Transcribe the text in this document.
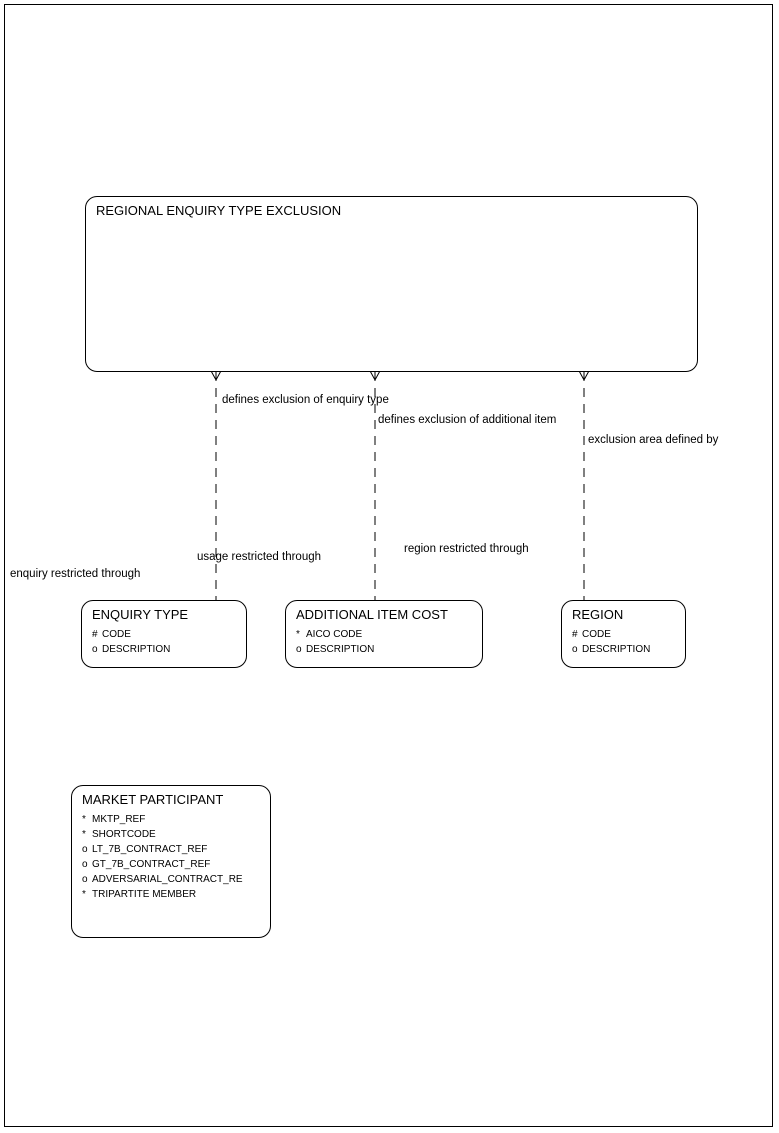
REGIONAL ENQUIRY TYPE EXCLUSION
defines exclusion of enquiry type
defines exclusion of additional item
exclusion area defined by
enquiry restricted through
usage restricted through
region restricted through
ENQUIRY TYPE
# CODE
o DESCRIPTION
ADDITIONAL ITEM COST
* AICO CODE
o DESCRIPTION
REGION
# CODE
o DESCRIPTION
MARKET PARTICIPANT
* MKTP_REF
* SHORTCODE
o LT_7B_CONTRACT_REF
o GT_7B_CONTRACT_REF
o ADVERSARIAL_CONTRACT_RE
* TRIPARTITE MEMBER
